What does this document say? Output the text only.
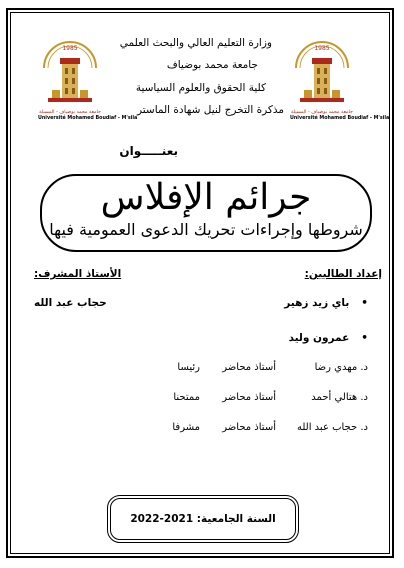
وزارة التعليم العالي والبحث العلمي
جامعة محمد بوضياف
كلية الحقوق والعلوم السياسية
مذكرة التخرج لنيل شهادة الماستر
1985
جامعة محمد بوضياف - المسيلة
Université Mohamed Boudiaf - M'sila
1985
جامعة محمد بوضياف - المسيلة
Université Mohamed Boudiaf - M'sila
بعنـــــوان
جرائم الإفلاس
شروطها وإجراءات تحريك الدعوى العمومية فيها
إعداد الطالبين:
الأستاذ المشرف:
•باي زيد زهير
•عمرون وليد
حجاب عبد الله
د. مهدي رضا
أستاذ محاضر
رئيسا
د. هتالي أحمد
أستاذ محاضر
ممتحنا
د. حجاب عبد الله
أستاذ محاضر
مشرفا
السنة الجامعية: 2021-2022
